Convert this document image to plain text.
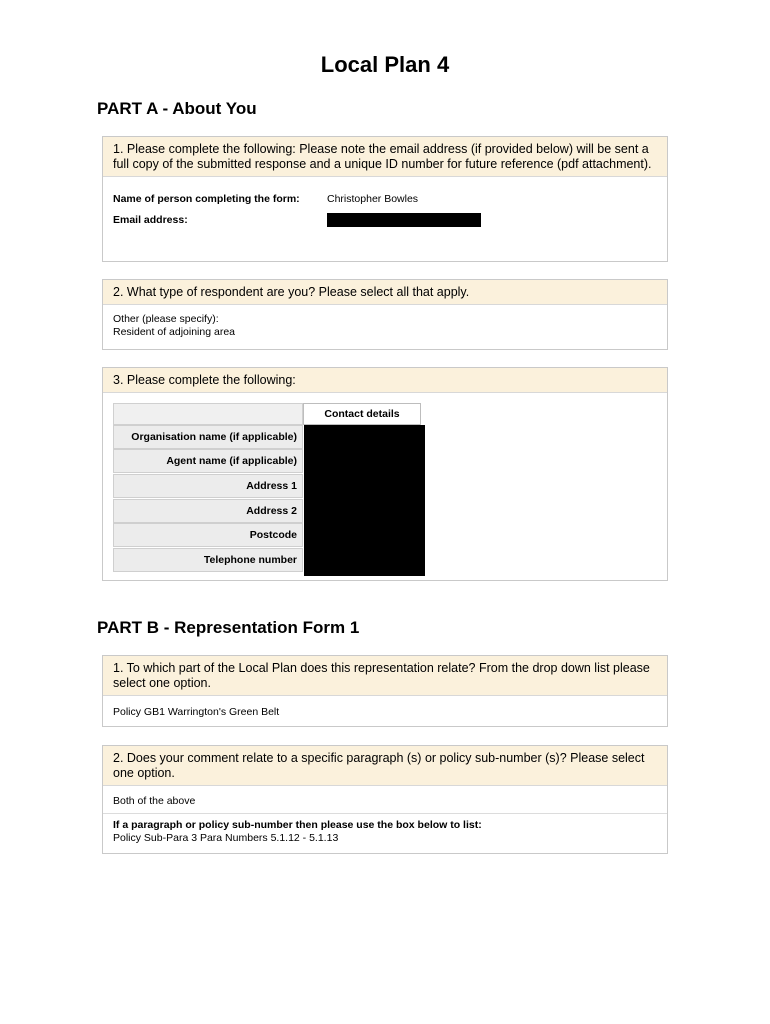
Local Plan 4
PART A - About You
1. Please complete the following: Please note the email address (if provided below) will be sent a full copy of the submitted response and a unique ID number for future reference (pdf attachment).
Name of person completing the form:	Christopher Bowles
Email address:
2. What type of respondent are you? Please select all that apply.
Other (please specify):
Resident of adjoining area
3. Please complete the following:
Contact details
Organisation name (if applicable)
Agent name (if applicable)
Address 1
Address 2
Postcode
Telephone number
PART B - Representation Form 1
1. To which part of the Local Plan does this representation relate? From the drop down list please select one option.
Policy GB1 Warrington's Green Belt
2. Does your comment relate to a specific paragraph (s) or policy sub-number (s)? Please select one option.
Both of the above
If a paragraph or policy sub-number then please use the box below to list:
Policy Sub-Para 3 Para Numbers 5.1.12 - 5.1.13
